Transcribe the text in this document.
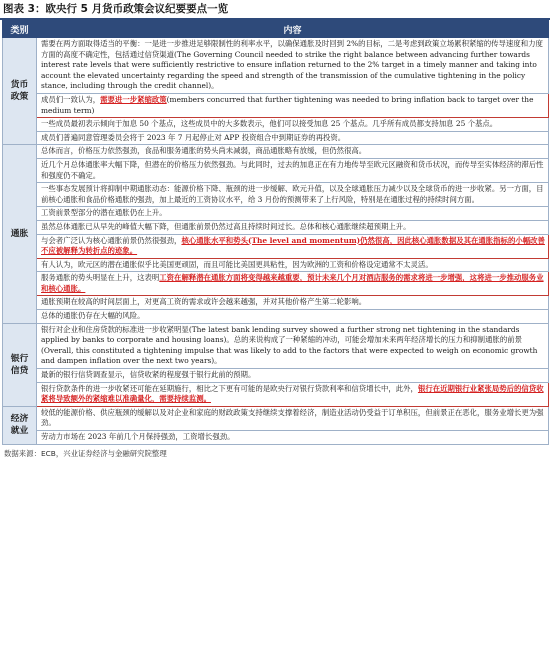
图表 3：欧央行 5 月货币政策会议纪要要点一览
类别	内容
货币
政策	需要在两方面取得适当的平衡：一是进一步推进足够限制性的利率水平，以确保通胀及时回到 2%的目标，二是考虑到政策立场累积紧缩的传导速度和力度方面的高度不确定性，包括通过信贷渠道(The Governing Council needed to strike the right balance between advancing further towards interest rate levels that were sufficiently restrictive to ensure inflation returned to the 2% target in a timely manner and taking into account the elevated uncertainty regarding the speed and strength of the transmission of the cumulative tightening in the policy stance, including through the credit channel)。
	成员们一致认为，需要进一步紧缩政策(members concurred that further tightening was needed to bring inflation back to target over the medium term)
	一些成员最初表示倾向于加息 50 个基点，这些成员中的大多数表示，他们可以接受加息 25 个基点。几乎所有成员都支持加息 25 个基点。
	成员们普遍同意管理委员会将于 2023 年 7 月起停止对 APP 投资组合中到期证券的再投资。
通胀	总体而言，价格压力依然强劲，食品和服务通胀的势头尚未减弱，商品通胀略有放缓，但仍然很高。
	近几个月总体通胀率大幅下降，但潜在的价格压力依然强劲。与此同时，过去的加息正在有力地传导至欧元区融资和货币状况，而传导至实体经济的滞后性和强度仍不确定。
	一些事态发展预计将抑制中期通胀动态：能源价格下降、瓶颈的进一步缓解、欧元升值，以及全球通胀压力减少以及全球货币的进一步收紧。另一方面，目前核心通胀和食品价格通胀的强劲，加上最近的工资协议水平，给 3 月份的预测带来了上行风险，特别是在通胀过程的持续时间方面。
	工资前景型部分的潜在通胀仍在上升。
	虽然总体通胀已从早先的峰值大幅下降，但通胀前景仍然过高且持续时间过长。总体和核心通胀继续超预期上升。
	与会者广泛认为核心通胀前景仍然很强劲，核心通胀水平和势头(The level and momentum)仍然很高，因此核心通胀数据及其在通胀指标的小幅改善不应被解释为转折点的迹象。
	有人认为，欧元区的潜在通胀似乎比美国更顽固，而且可能比美国更具粘性，因为欧洲的工资和价格设定通常不太灵活。
	服务通胀的势头明显在上升，这表明工资在解释潜在通胀方面将变得越来越重要，预计未来几个月对酒店服务的需求将进一步增强，这将进一步推动服务业和核心通胀。
	通胀预期在较高的时间层面上，对更高工资的需求或许会越来越强，并对其他价格产生第二轮影响。
	总体的通胀仍存在大幅的风险。
银行
信贷	银行对企业和住房贷款的标准进一步收紧明显(The latest bank lending survey showed a further strong net tightening in the standards applied by banks to corporate and housing loans)。总的来说构成了一种紧缩的冲动，可能会增加未来两年经济增长的压力和抑制通胀的前景(Overall, this constituted a tightening impulse that was likely to add to the factors that were expected to weigh on economic growth and dampen inflation over the next two years)。
	最新的银行信贷调查显示，信贷收紧的程度强于银行此前的预期。
	银行贷款条件的进一步收紧还可能在延期施行，相比之下更有可能的是欧央行对银行贷款利率和信贷增长中，此外，银行在近期银行业紧张局势后的信贷收紧将导致额外的紧缩难以准确量化，需要持续监测。
经济
就业	较低的能源价格、供应瓶颈的缓解以及对企业和家庭的财政政策支持继续支撑着经济，制造业活动仍受益于订单积压，但前景正在恶化，服务业增长更为强劲。
	劳动力市场在 2023 年前几个月保持强劲，工资增长强劲。
数据来源：ECB，兴业证券经济与金融研究院整理
